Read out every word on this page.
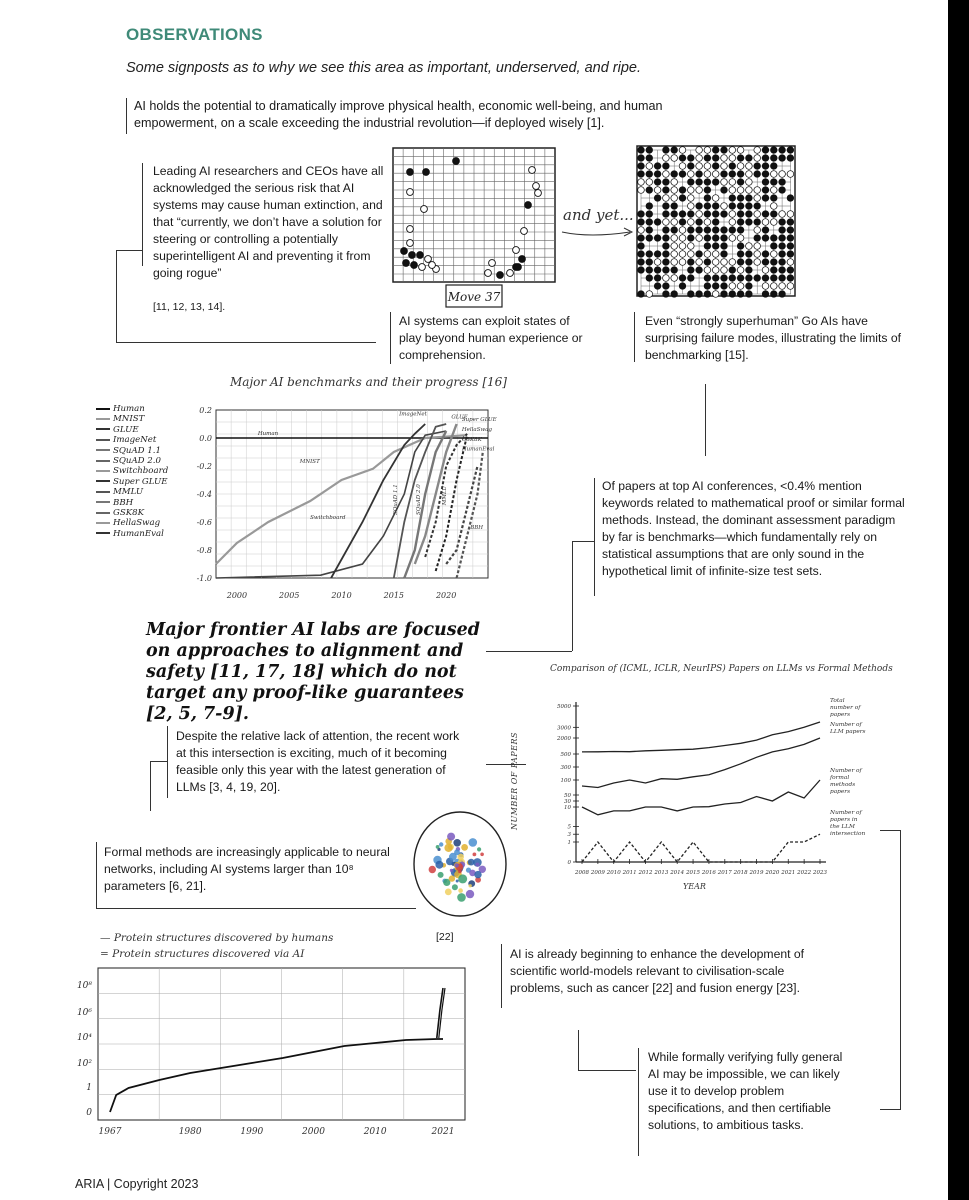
OBSERVATIONS
Some signposts as to why we see this area as important, underserved, and ripe.
AI holds the potential to dramatically improve physical health, economic well-being, and human empowerment, on a scale exceeding the industrial revolution—if deployed wisely [1].
Leading AI researchers and CEOs have all acknowledged the serious risk that AI systems may cause human extinction, and that “currently, we don’t have a solution for steering or controlling a potentially superintelligent AI and preventing it from going rogue”
[11, 12, 13, 14].
Move 37
and yet...
AI systems can exploit states of play beyond human experience or comprehension.
Even “strongly superhuman” Go AIs have surprising failure modes, illustrating the limits of benchmarking [15].
Major AI benchmarks and their progress [16]
Human
MNIST
GLUE
ImageNet
SQuAD 1.1
SQuAD 2.0
Switchboard
Super GLUE
MMLU
BBH
GSK8K
HellaSwag
HumanEval
Human
MNIST
Switchboard
ImageNet	GLUE
Super GLUE
HellaSwag
GSK8K
HumanEval
SQuAD 1.1	SQuAD 2.0	MMLU
BBH
0.2
0.0
-0.2
-0.4
-0.6
-0.8
-1.0
2000	2005	2010	2015	2020
Of papers at top AI conferences, <0.4% mention keywords related to mathematical proof or similar formal methods. Instead, the dominant assessment paradigm by far is benchmarks—which fundamentally rely on statistical assumptions that are only sound in the hypothetical limit of infinite-size test sets.
Major frontier AI labs are focused on approaches to alignment and safety [11, 17, 18] which do not target any proof-like guarantees [2, 5, 7-9].
Despite the relative lack of attention, the recent work at this intersection is exciting, much of it becoming feasible only this year with the latest generation of LLMs [3, 4, 19, 20].
Comparison of (ICML, ICLR, NeurIPS) Papers on LLMs vs Formal Methods
NUMBER OF PAPERS
YEAR
5000
3000
2000
500
300
100
50
30
10
5
3
1
0
2008 2009 2010 2011 2012 2013 2014 2015 2016 2017 2018 2019 2020 2021 2022 2023
Total
number of
papers
Number of
LLM papers
Number of
formal
methods
papers
Number of
papers in
the LLM
intersection
Formal methods are increasingly applicable to neural networks, including AI systems larger than 10⁸ parameters [6, 21].
[22]
— Protein structures discovered by humans
= Protein structures discovered via AI
10⁸
10⁶
10⁴
10²
1
0
1967	1980	1990	2000	2010	2021
AI is already beginning to enhance the development of scientific world-models relevant to civilisation-scale problems, such as cancer [22] and fusion energy [23].
While formally verifying fully general AI may be impossible, we can likely use it to develop problem specifications, and then certifiable solutions, to ambitious tasks.
ARIA | Copyright 2023
